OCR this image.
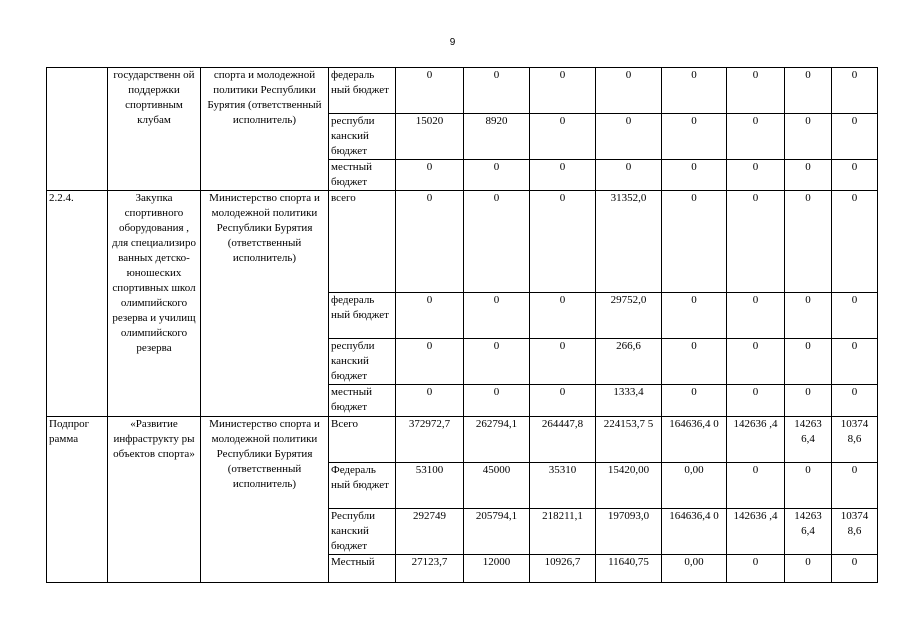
9
	государственн ой поддержки спортивным клубам	спорта и молодежной политики Республики Бурятия (ответственный исполнитель)	федераль ный бюджет	0	0	0	0	0	0	0	0
			республи канский бюджет	15020	8920	0	0	0	0	0	0
			местный бюджет	0	0	0	0	0	0	0	0
2.2.4.	Закупка спортивного оборудования , для специализиро ванных детско- юношеских спортивных школ олимпийского резерва и училищ олимпийского резерва	Министерство спорта и молодежной политики Республики Бурятия (ответственный исполнитель)	всего	0	0	0	31352,0	0	0	0	0
			федераль ный бюджет	0	0	0	29752,0	0	0	0	0
			республи канский бюджет	0	0	0	266,6	0	0	0	0
			местный бюджет	0	0	0	1333,4	0	0	0	0
Подпрог рамма	«Развитие инфраструкту ры объектов спорта»	Министерство спорта и молодежной политики Республики Бурятия (ответственный исполнитель)	Всего	372972,7	262794,1	264447,8	224153,7 5	164636,4 0	142636 ,4	14263 6,4	10374 8,6
			Федераль ный бюджет	53100	45000	35310	15420,00	0,00	0	0	0
			Республи канский бюджет	292749	205794,1	218211,1	197093,0	164636,4 0	142636 ,4	14263 6,4	10374 8,6
			Местный	27123,7	12000	10926,7	11640,75	0,00	0	0	0
